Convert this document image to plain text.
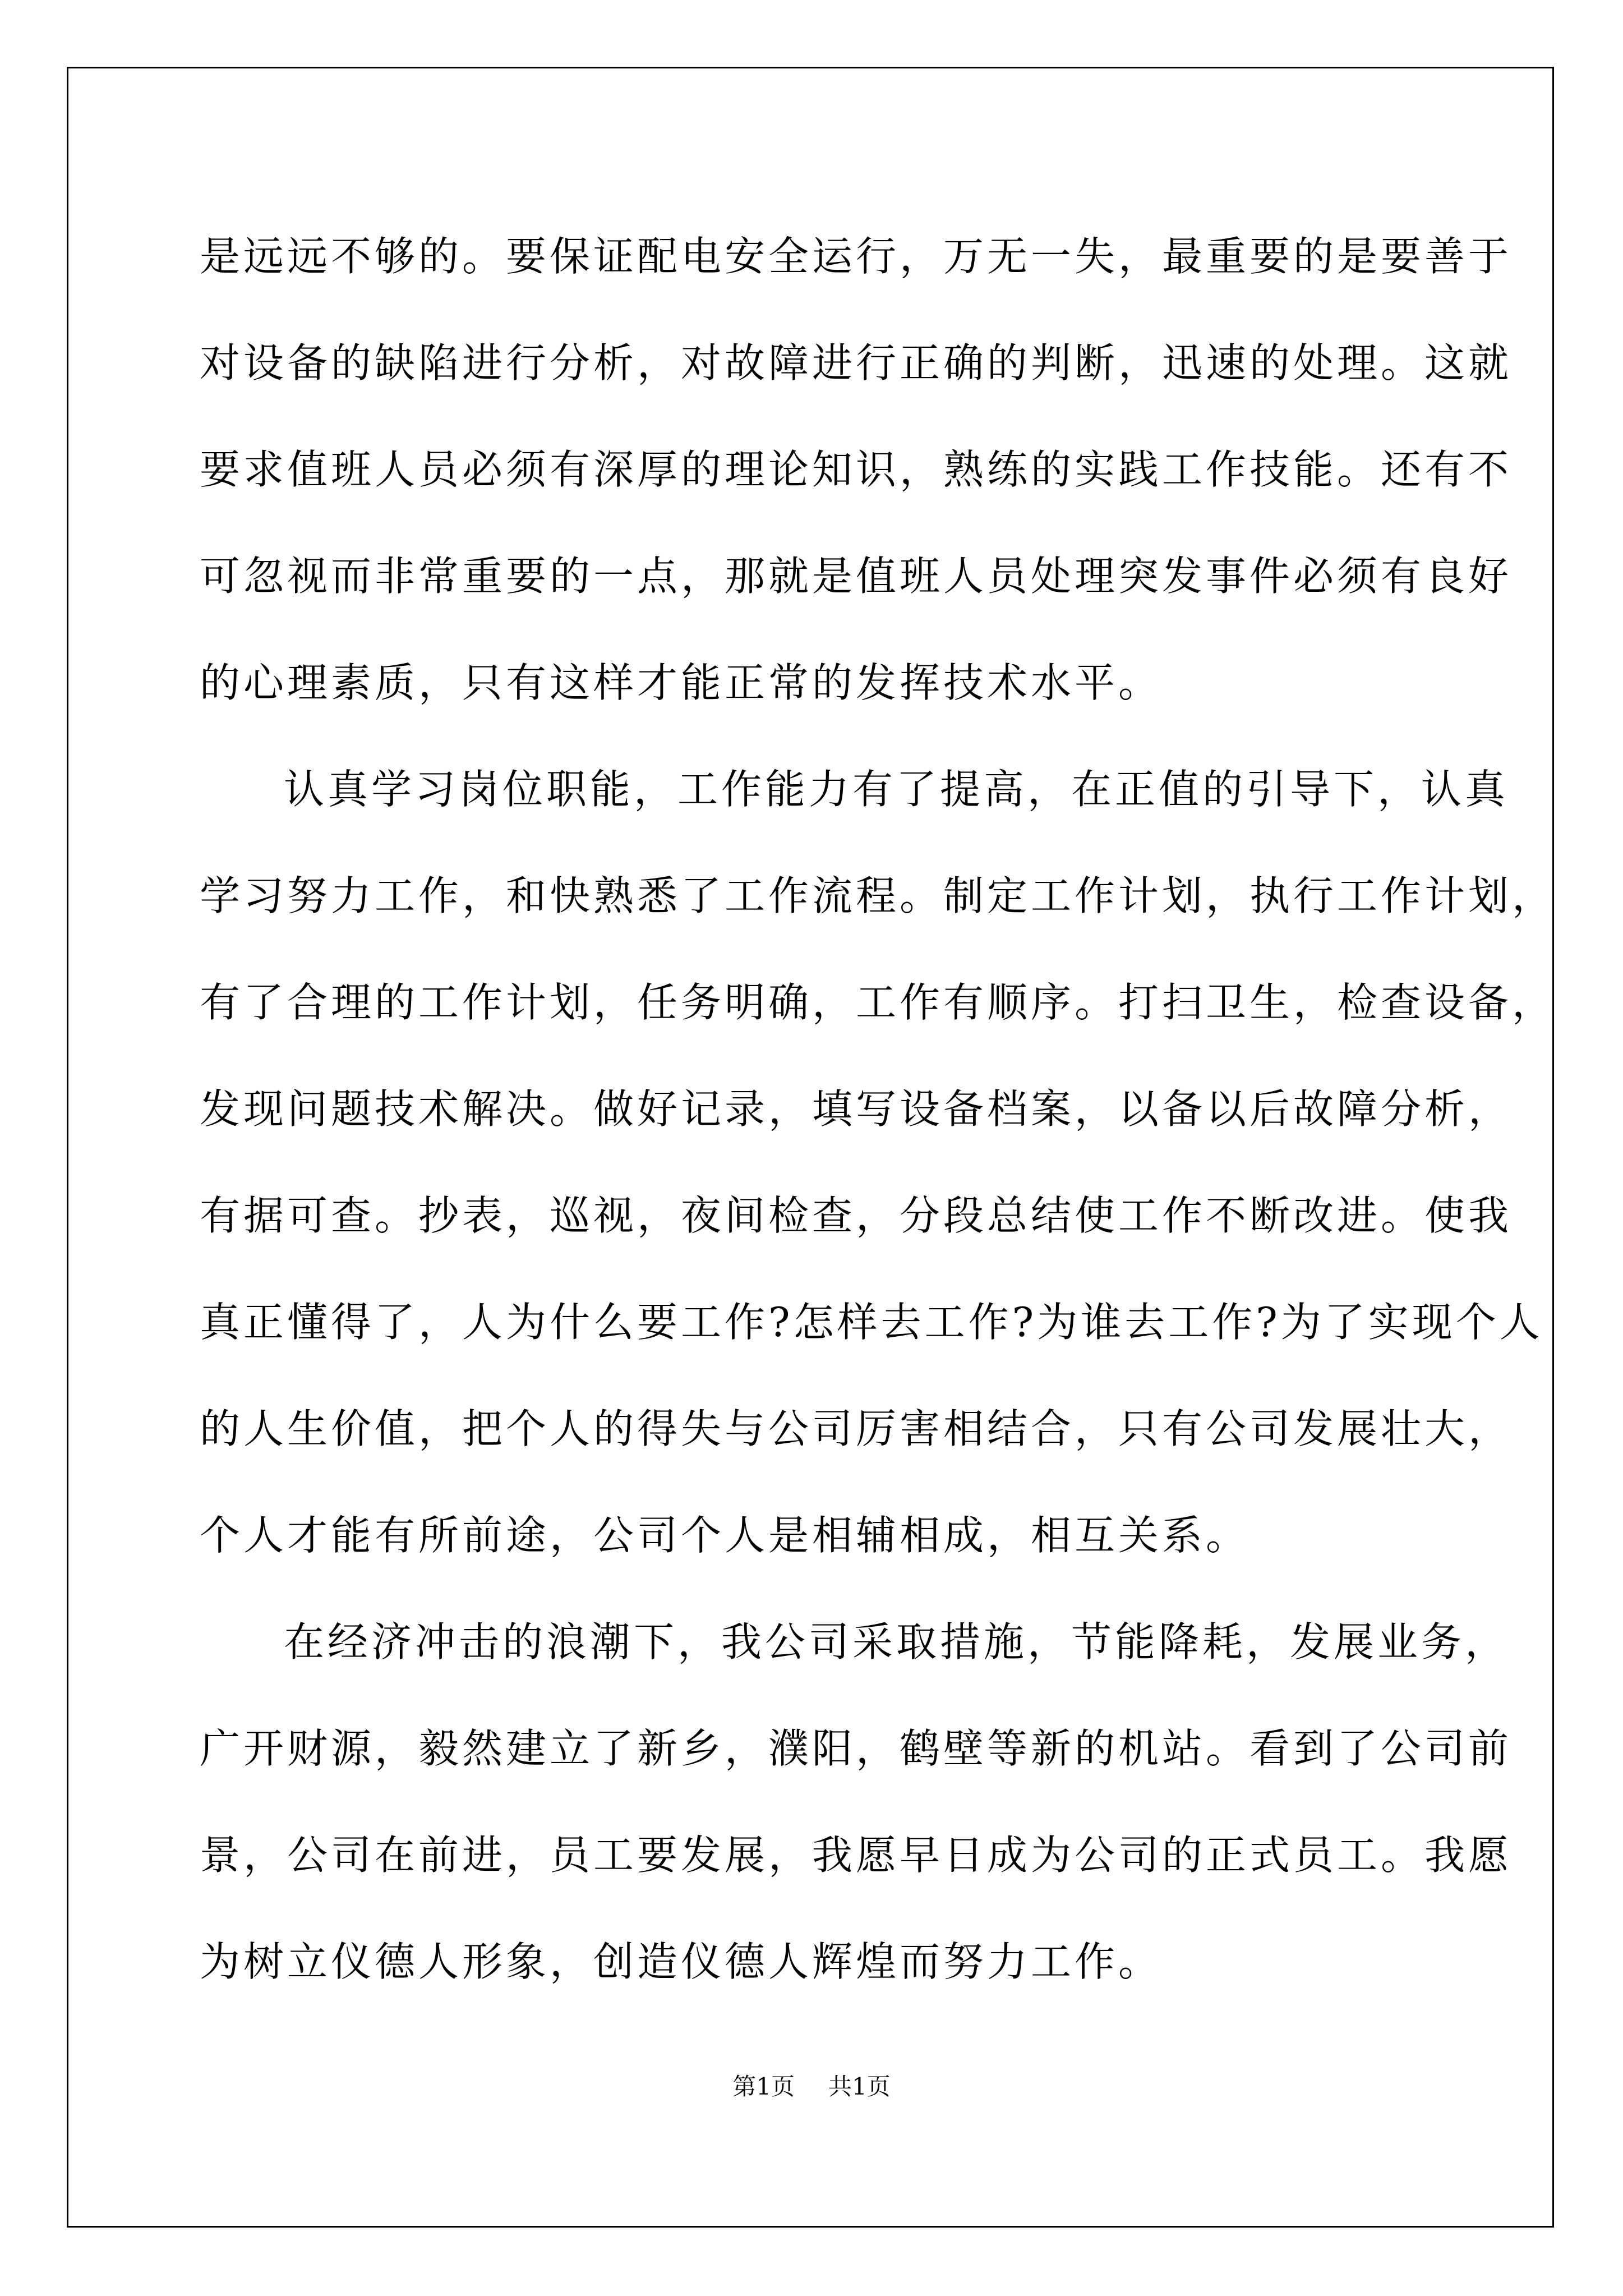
是远远不够的。要保证配电安全运行，万无一失，最重要的是要善于
对设备的缺陷进行分析，对故障进行正确的判断，迅速的处理。这就
要求值班人员必须有深厚的理论知识，熟练的实践工作技能。还有不
可忽视而非常重要的一点，那就是值班人员处理突发事件必须有良好
的心理素质，只有这样才能正常的发挥技术水平。
认真学习岗位职能，工作能力有了提高，在正值的引导下，认真
学习努力工作，和快熟悉了工作流程。制定工作计划，执行工作计划，
有了合理的工作计划，任务明确，工作有顺序。打扫卫生，检查设备，
发现问题技术解决。做好记录，填写设备档案，以备以后故障分析，
有据可查。抄表，巡视，夜间检查，分段总结使工作不断改进。使我
真正懂得了，人为什么要工作?怎样去工作?为谁去工作?为了实现个人
的人生价值，把个人的得失与公司厉害相结合，只有公司发展壮大，
个人才能有所前途，公司个人是相辅相成，相互关系。
在经济冲击的浪潮下，我公司采取措施，节能降耗，发展业务，
广开财源，毅然建立了新乡，濮阳，鹤壁等新的机站。看到了公司前
景，公司在前进，员工要发展，我愿早日成为公司的正式员工。我愿
为树立仪德人形象，创造仪德人辉煌而努力工作。
第1页 共1页
